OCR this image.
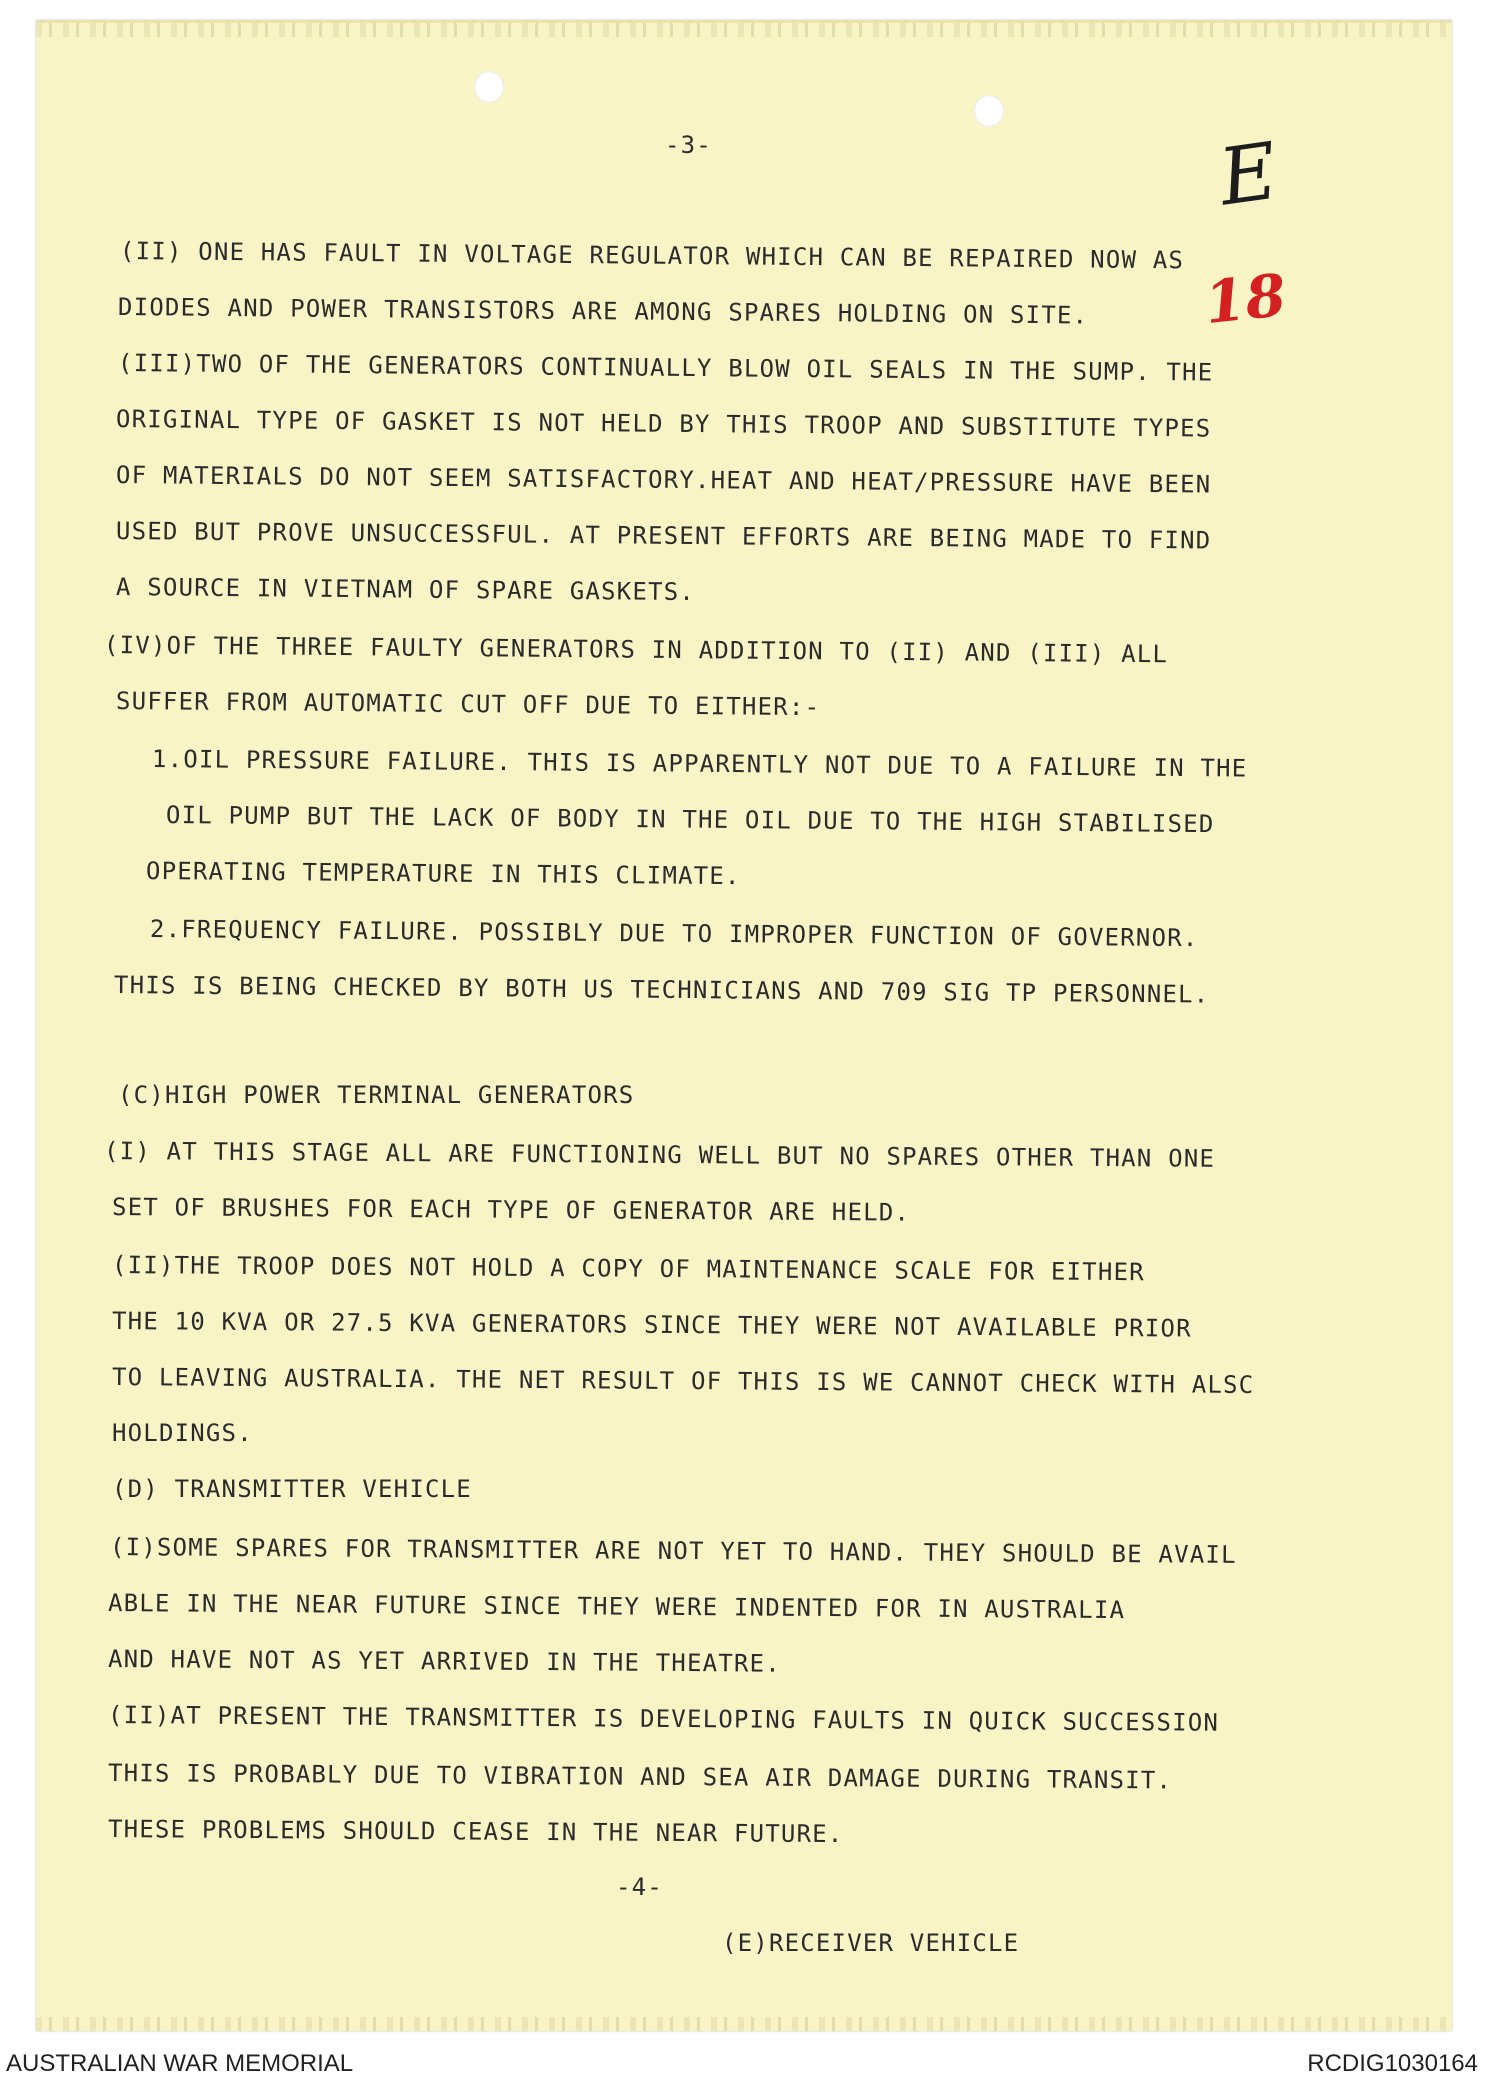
-3-	E
18
(II) ONE HAS FAULT IN VOLTAGE REGULATOR WHICH CAN BE REPAIRED NOW AS
DIODES AND POWER TRANSISTORS ARE AMONG SPARES HOLDING ON SITE.
(III)TWO OF THE GENERATORS CONTINUALLY BLOW OIL SEALS IN THE SUMP. THE
ORIGINAL TYPE OF GASKET IS NOT HELD BY THIS TROOP AND SUBSTITUTE TYPES
OF MATERIALS DO NOT SEEM SATISFACTORY.HEAT AND HEAT/PRESSURE HAVE BEEN
USED BUT PROVE UNSUCCESSFUL. AT PRESENT EFFORTS ARE BEING MADE TO FIND
A SOURCE IN VIETNAM OF SPARE GASKETS.
(IV)OF THE THREE FAULTY GENERATORS IN ADDITION TO (II) AND (III) ALL
SUFFER FROM AUTOMATIC CUT OFF DUE TO EITHER:-
1.OIL PRESSURE FAILURE. THIS IS APPARENTLY NOT DUE TO A FAILURE IN THE
OIL PUMP BUT THE LACK OF BODY IN THE OIL DUE TO THE HIGH STABILISED
OPERATING TEMPERATURE IN THIS CLIMATE.
2.FREQUENCY FAILURE. POSSIBLY DUE TO IMPROPER FUNCTION OF GOVERNOR.
THIS IS BEING CHECKED BY BOTH US TECHNICIANS AND 709 SIG TP PERSONNEL.
(C)HIGH POWER TERMINAL GENERATORS
(I) AT THIS STAGE ALL ARE FUNCTIONING WELL BUT NO SPARES OTHER THAN ONE
SET OF BRUSHES FOR EACH TYPE OF GENERATOR ARE HELD.
(II)THE TROOP DOES NOT HOLD A COPY OF MAINTENANCE SCALE FOR EITHER
THE 10 KVA OR 27.5 KVA GENERATORS SINCE THEY WERE NOT AVAILABLE PRIOR
TO LEAVING AUSTRALIA. THE NET RESULT OF THIS IS WE CANNOT CHECK WITH ALSC
HOLDINGS.
(D) TRANSMITTER VEHICLE
(I)SOME SPARES FOR TRANSMITTER ARE NOT YET TO HAND. THEY SHOULD BE AVAIL
ABLE IN THE NEAR FUTURE SINCE THEY WERE INDENTED FOR IN AUSTRALIA
AND HAVE NOT AS YET ARRIVED IN THE THEATRE.
(II)AT PRESENT THE TRANSMITTER IS DEVELOPING FAULTS IN QUICK SUCCESSION
THIS IS PROBABLY DUE TO VIBRATION AND SEA AIR DAMAGE DURING TRANSIT.
THESE PROBLEMS SHOULD CEASE IN THE NEAR FUTURE.
-4-
(E)RECEIVER VEHICLE
AUSTRALIAN WAR MEMORIAL	RCDIG1030164
